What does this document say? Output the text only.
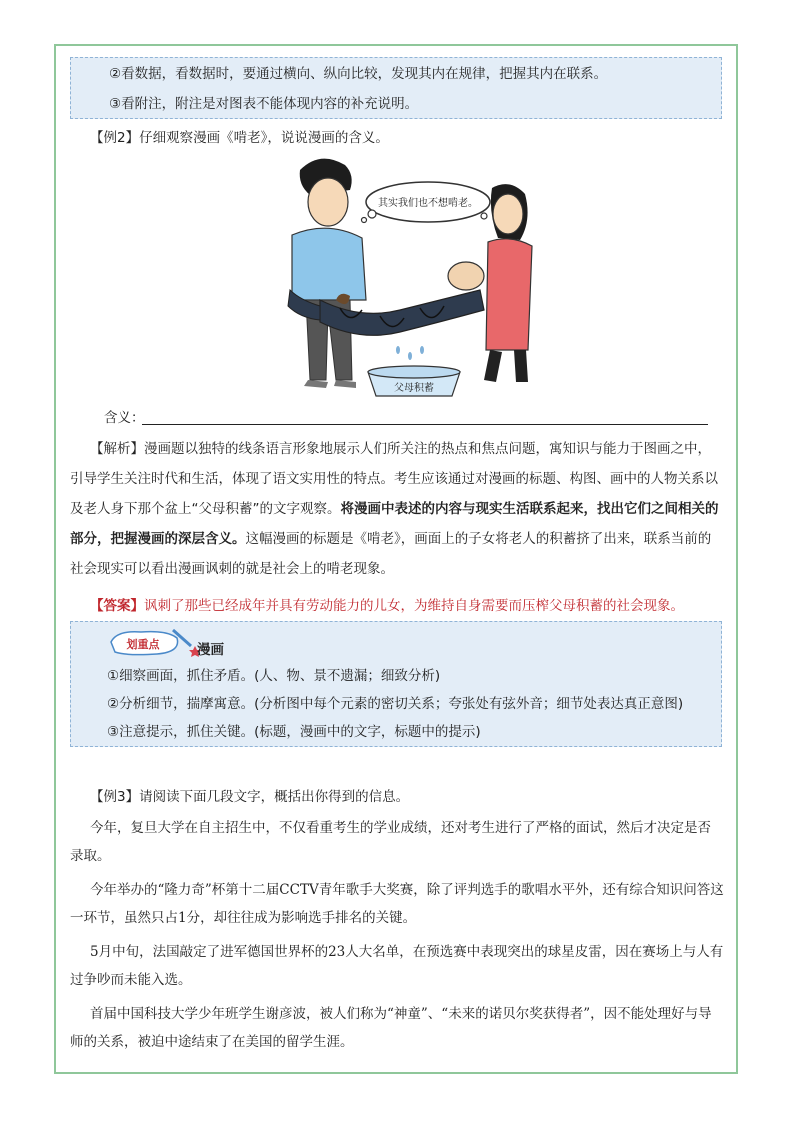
②看数据，看数据时，要通过横向、纵向比较，发现其内在规律，把握其内在联系。
③看附注，附注是对图表不能体现内容的补充说明。
【例2】仔细观察漫画《啃老》，说说漫画的含义。
其实我们也不想啃老。
父母积蓄
含义：
【解析】漫画题以独特的线条语言形象地展示人们所关注的热点和焦点问题，寓知识与能力于图画之中，引导学生关注时代和生活，体现了语文实用性的特点。考生应该通过对漫画的标题、构图、画中的人物关系以及老人身下那个盆上“父母积蓄”的文字观察。将漫画中表述的内容与现实生活联系起来，找出它们之间相关的部分，把握漫画的深层含义。这幅漫画的标题是《啃老》，画面上的子女将老人的积蓄挤了出来，联系当前的社会现实可以看出漫画讽刺的就是社会上的啃老现象。
【答案】讽刺了那些已经成年并具有劳动能力的儿女，为维持自身需要而压榨父母积蓄的社会现象。
划重点	漫画
①细察画面，抓住矛盾。(人、物、景不遗漏；细致分析)
②分析细节，揣摩寓意。(分析图中每个元素的密切关系；夸张处有弦外音；细节处表达真正意图)
③注意提示，抓住关键。(标题，漫画中的文字，标题中的提示)
【例3】请阅读下面几段文字，概括出你得到的信息。
今年，复旦大学在自主招生中，不仅看重考生的学业成绩，还对考生进行了严格的面试，然后才决定是否录取。
今年举办的“隆力奇”杯第十二届CCTV青年歌手大奖赛，除了评判选手的歌唱水平外，还有综合知识问答这一环节，虽然只占1分，却往往成为影响选手排名的关键。
5月中旬，法国敲定了进军德国世界杯的23人大名单，在预选赛中表现突出的球星皮雷，因在赛场上与人有过争吵而未能入选。
首届中国科技大学少年班学生谢彦波，被人们称为“神童”、“未来的诺贝尔奖获得者”，因不能处理好与导师的关系，被迫中途结束了在美国的留学生涯。
